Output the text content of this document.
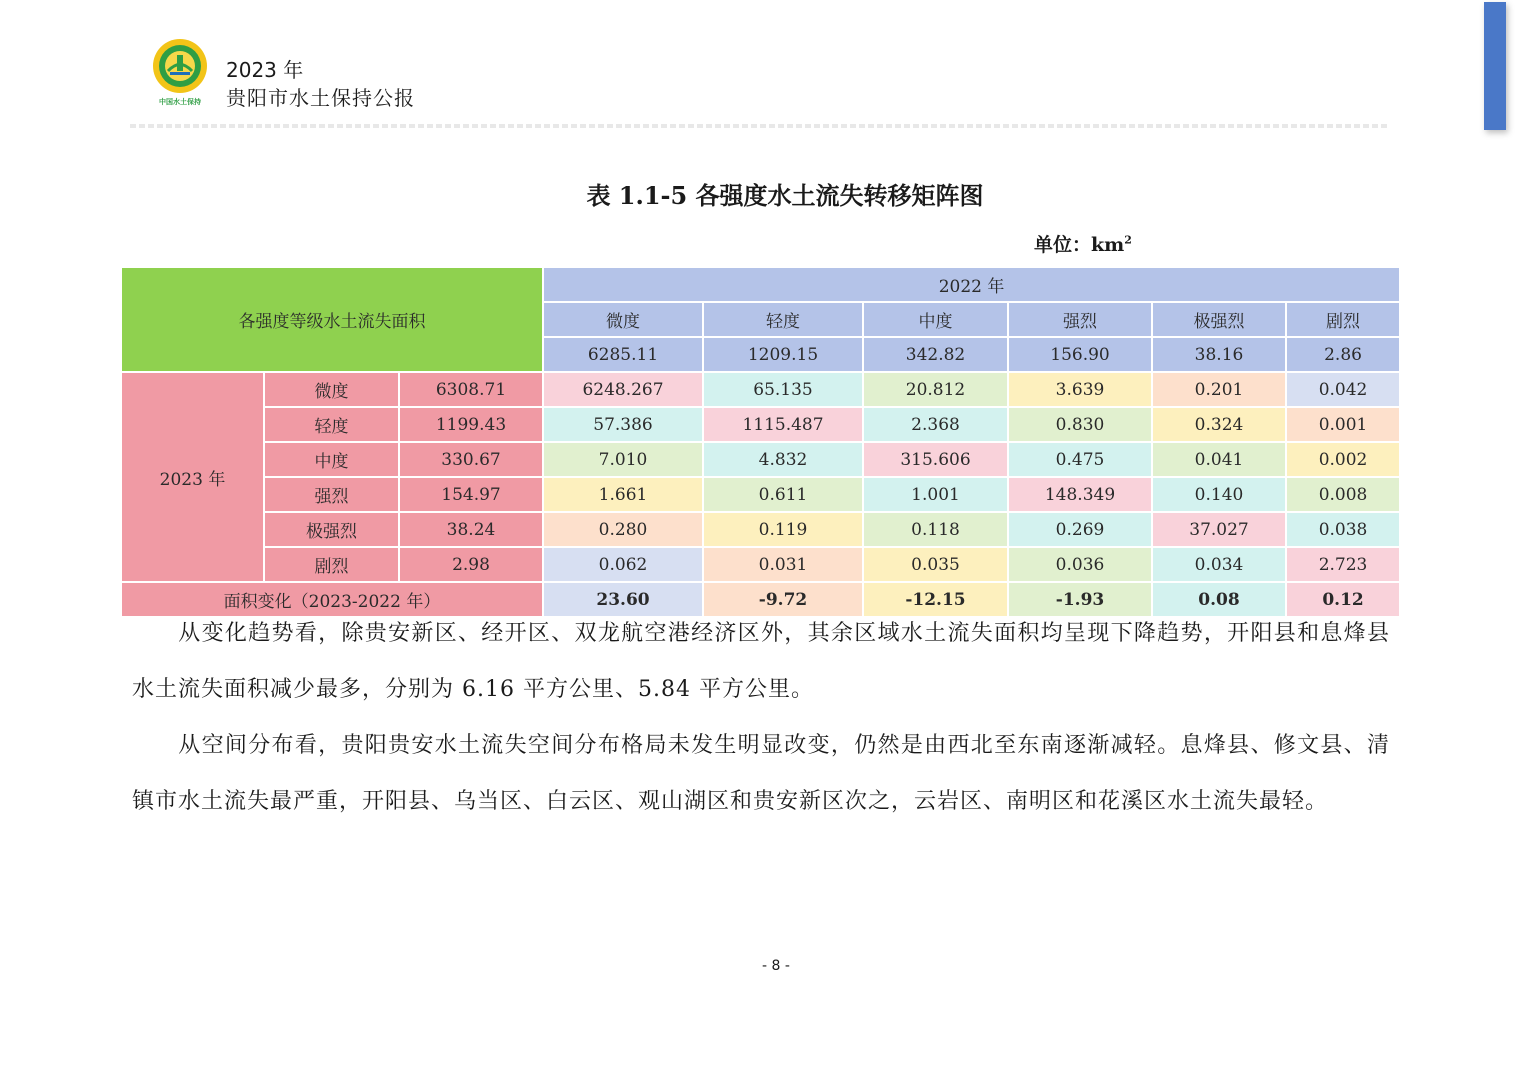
中国水土保持
2023 年
贵阳市水土保持公报
表 1.1-5 各强度水土流失转移矩阵图
单位：$km^2$
各强度等级水土流失面积			2022 年					
			微度	轻度	中度	强烈	极强烈	剧烈
			6285.11	1209.15	342.82	156.90	38.16	2.86
2023 年	微度	6308.71	6248.267	65.135	20.812	3.639	0.201	0.042
	轻度	1199.43	57.386	1115.487	2.368	0.830	0.324	0.001
	中度	330.67	7.010	4.832	315.606	0.475	0.041	0.002
	强烈	154.97	1.661	0.611	1.001	148.349	0.140	0.008
	极强烈	38.24	0.280	0.119	0.118	0.269	37.027	0.038
	剧烈	2.98	0.062	0.031	0.035	0.036	0.034	2.723
面积变化（2023-2022 年）			23.60	-9.72	-12.15	-1.93	0.08	0.12
从变化趋势看，除贵安新区、经开区、双龙航空港经济区外，其余区域水土流失面积均呈现下降趋势，开阳县和息烽县水土流失面积减少最多，分别为 6.16 平方公里、5.84 平方公里。
从空间分布看，贵阳贵安水土流失空间分布格局未发生明显改变，仍然是由西北至东南逐渐减轻。息烽县、修文县、清镇市水土流失最严重，开阳县、乌当区、白云区、观山湖区和贵安新区次之，云岩区、南明区和花溪区水土流失最轻。
- 8 -
